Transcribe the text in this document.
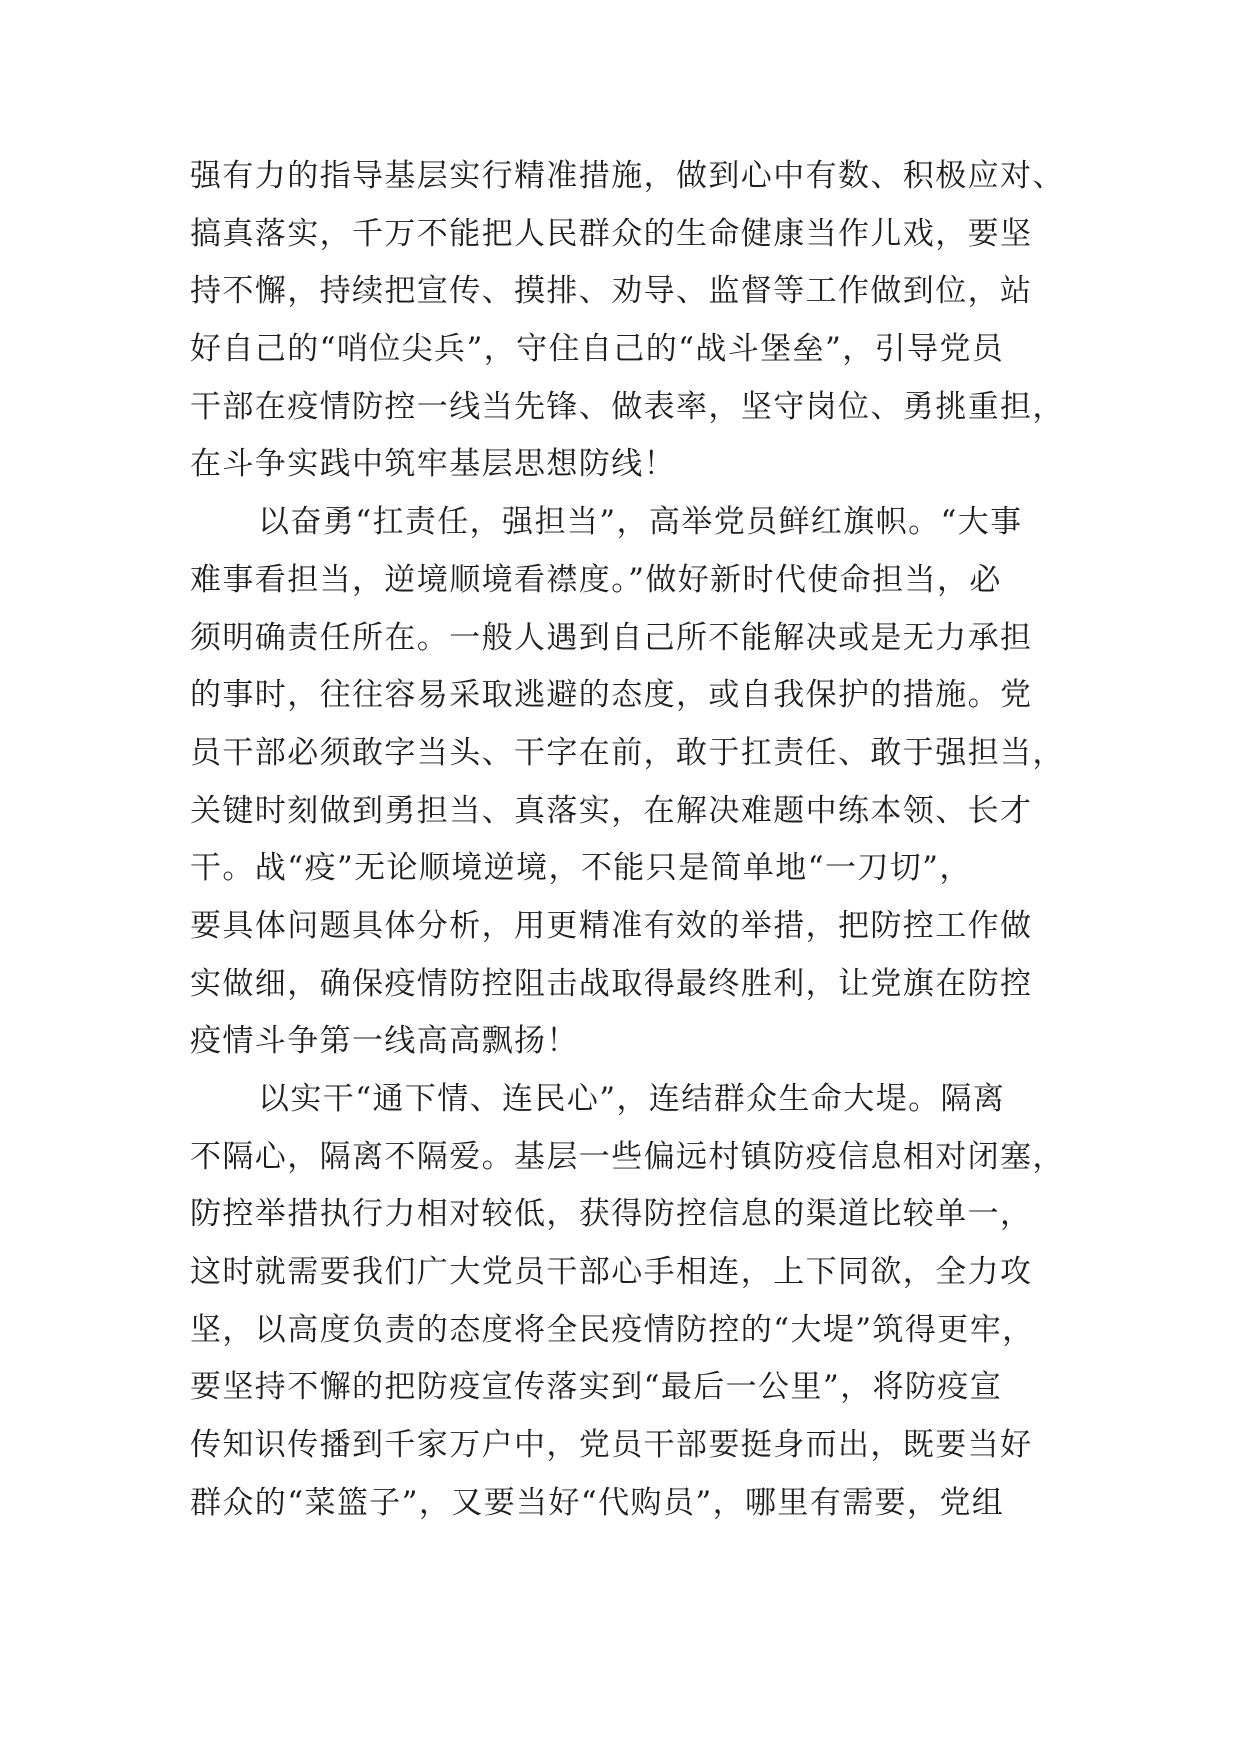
强有力的指导基层实行精准措施，做到心中有数、积极应对、
搞真落实，千万不能把人民群众的生命健康当作儿戏，要坚
持不懈，持续把宣传、摸排、劝导、监督等工作做到位，站
好自己的“哨位尖兵”，守住自己的“战斗堡垒”，引导党员
干部在疫情防控一线当先锋、做表率，坚守岗位、勇挑重担，
在斗争实践中筑牢基层思想防线！
以奋勇“扛责任，强担当”，高举党员鲜红旗帜。“大事
难事看担当，逆境顺境看襟度。”做好新时代使命担当，必
须明确责任所在。一般人遇到自己所不能解决或是无力承担
的事时，往往容易采取逃避的态度，或自我保护的措施。党
员干部必须敢字当头、干字在前，敢于扛责任、敢于强担当，
关键时刻做到勇担当、真落实，在解决难题中练本领、长才
干。战“疫”无论顺境逆境，不能只是简单地“一刀切”，
要具体问题具体分析，用更精准有效的举措，把防控工作做
实做细，确保疫情防控阻击战取得最终胜利，让党旗在防控
疫情斗争第一线高高飘扬！
以实干“通下情、连民心”，连结群众生命大堤。隔离
不隔心，隔离不隔爱。基层一些偏远村镇防疫信息相对闭塞，
防控举措执行力相对较低，获得防控信息的渠道比较单一，
这时就需要我们广大党员干部心手相连，上下同欲，全力攻
坚，以高度负责的态度将全民疫情防控的“大堤”筑得更牢，
要坚持不懈的把防疫宣传落实到“最后一公里”，将防疫宣
传知识传播到千家万户中，党员干部要挺身而出，既要当好
群众的“菜篮子”，又要当好“代购员”，哪里有需要，党组
